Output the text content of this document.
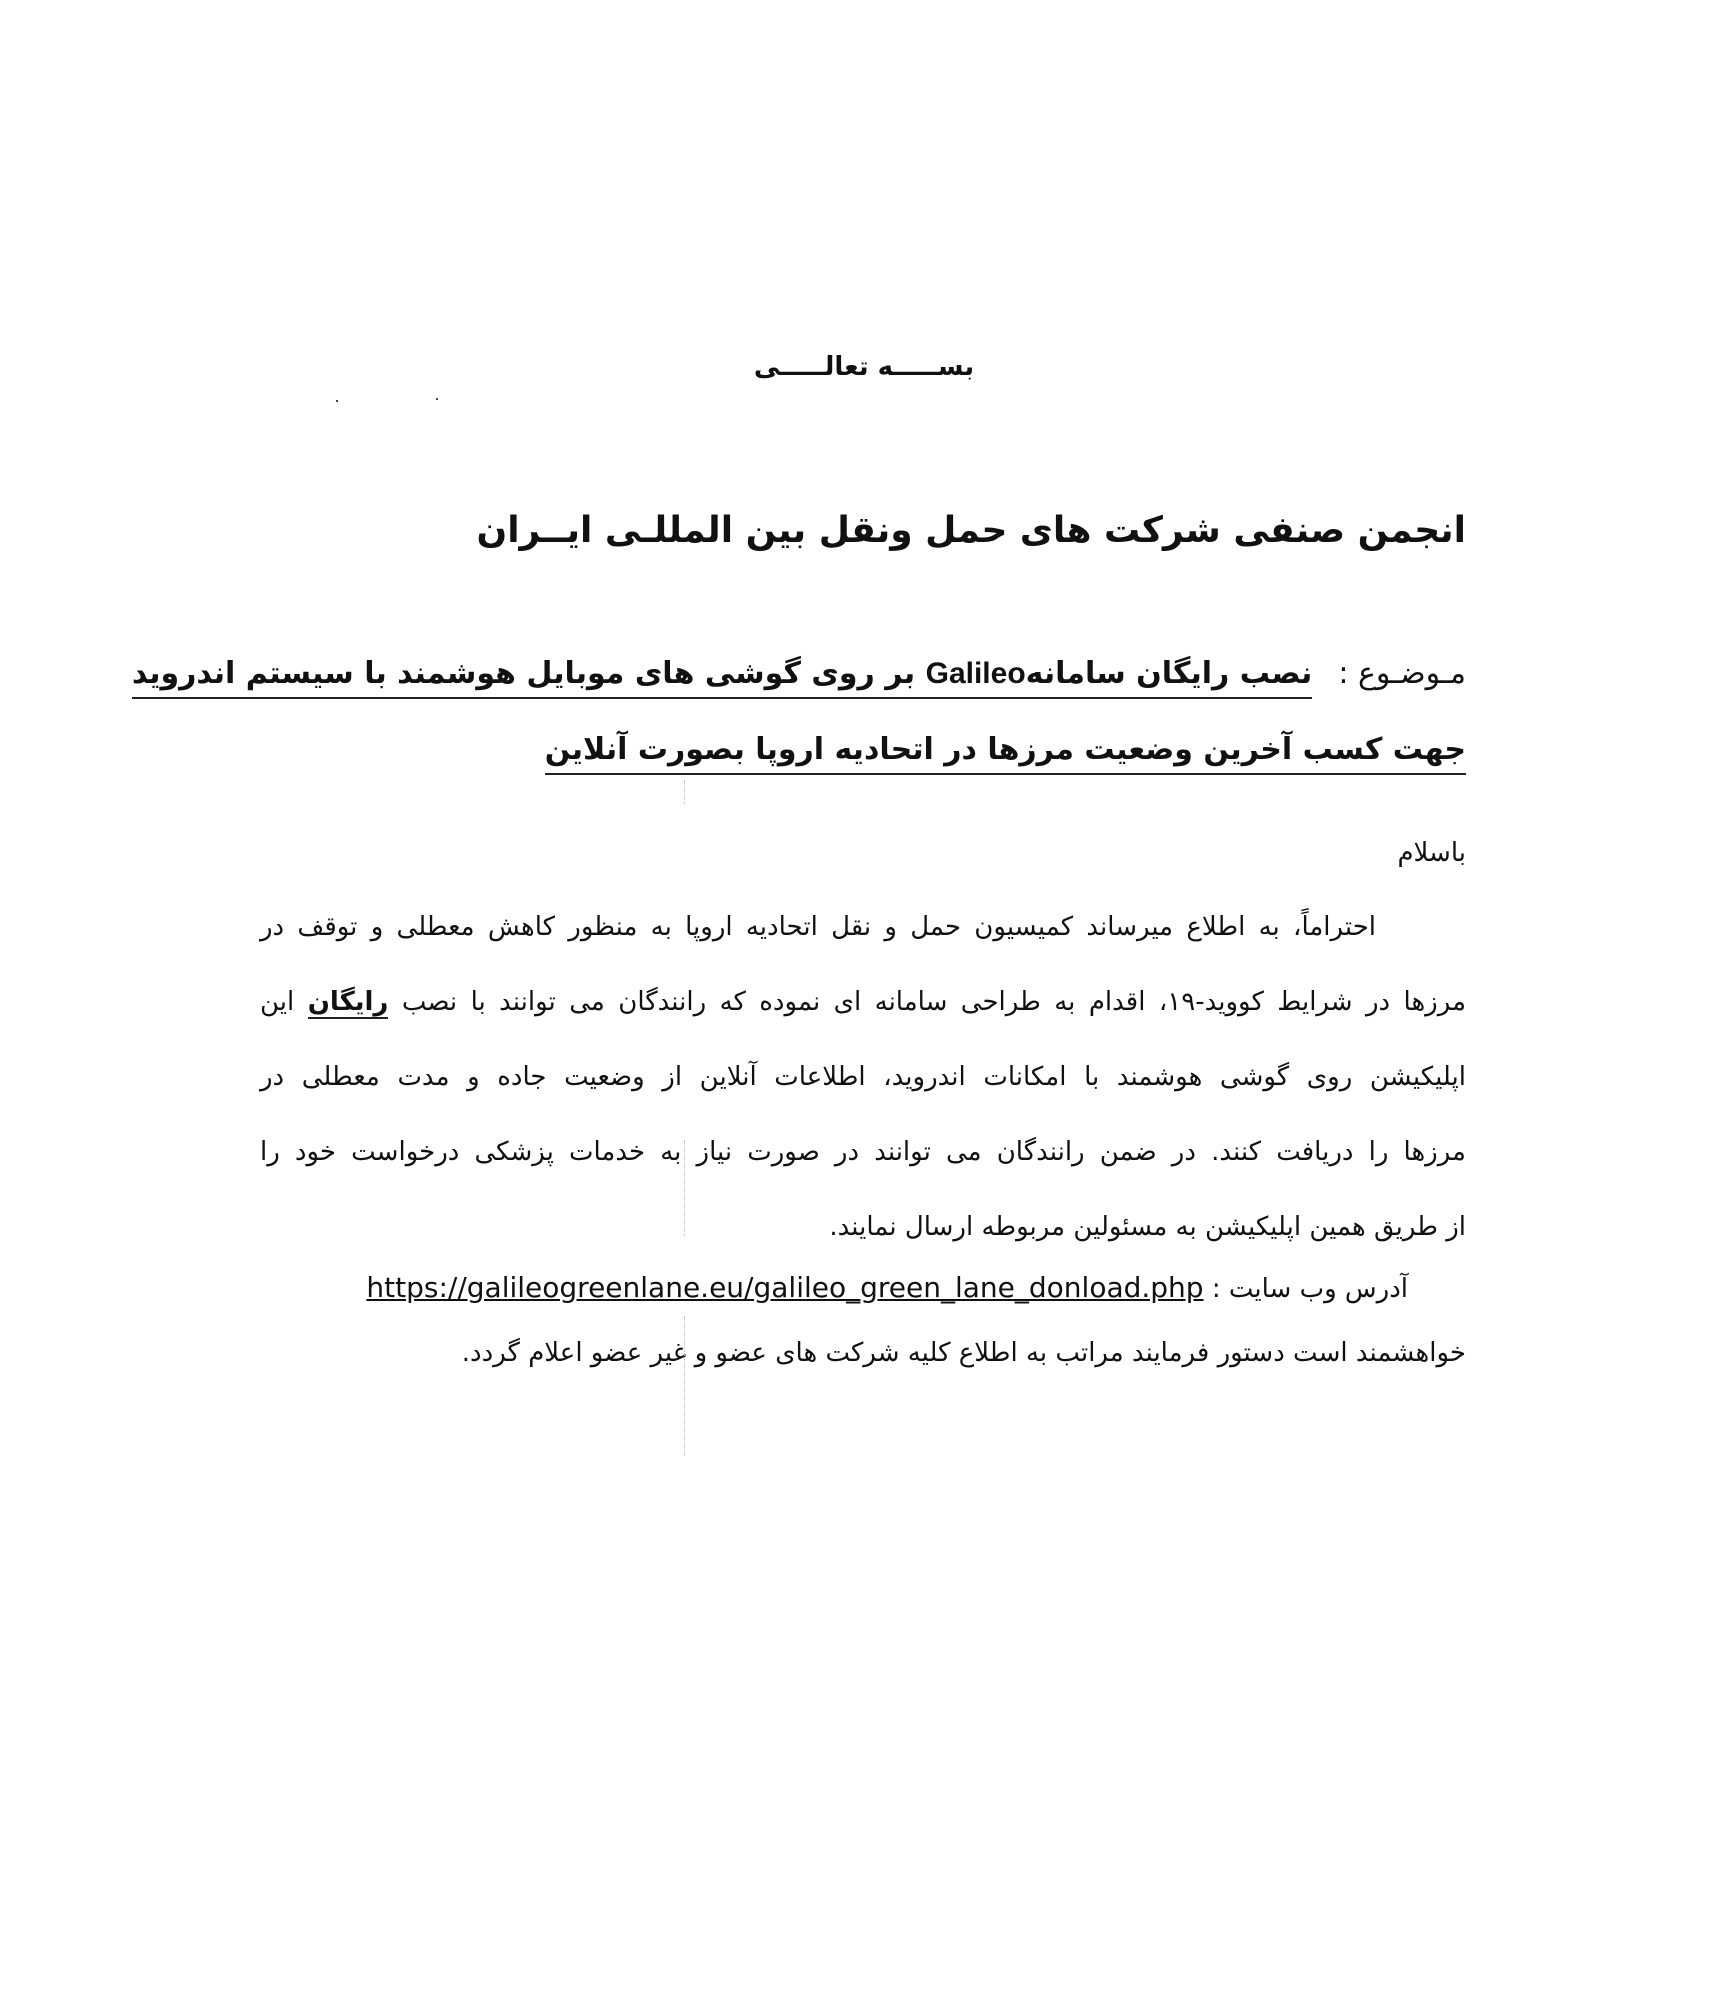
بســـــه تعالـــــی
انجمن صنفی شرکت های حمل ونقل بین المللـی ایــران
مـوضـوع :نصب رایگان سامانهGalileo بر روی گوشی های موبایل هوشمند با سیستم اندروید
جهت کسب آخرین وضعیت مرزها در اتحادیه اروپا بصورت آنلاین
باسلام
احتراماً، به اطلاع میرساند کمیسیون حمل و نقل اتحادیه اروپا به منظور کاهش معطلی و توقف در
مرزها در شرایط کووید-۱۹، اقدام به طراحی سامانه ای نموده که رانندگان می توانند با نصب رایگان این
اپلیکیشن روی گوشی هوشمند با امکانات اندروید، اطلاعات آنلاین از وضعیت جاده و مدت معطلی در
مرزها را دریافت کنند. در ضمن رانندگان می توانند در صورت نیاز به خدمات پزشکی درخواست خود را
از طریق همین اپلیکیشن به مسئولین مربوطه ارسال نمایند.
آدرس وب سایت : https://galileogreenlane.eu/galileo_green_lane_donload.php
خواهشمند است دستور فرمایند مراتب به اطلاع کلیه شرکت های عضو و غیر عضو اعلام گردد.
